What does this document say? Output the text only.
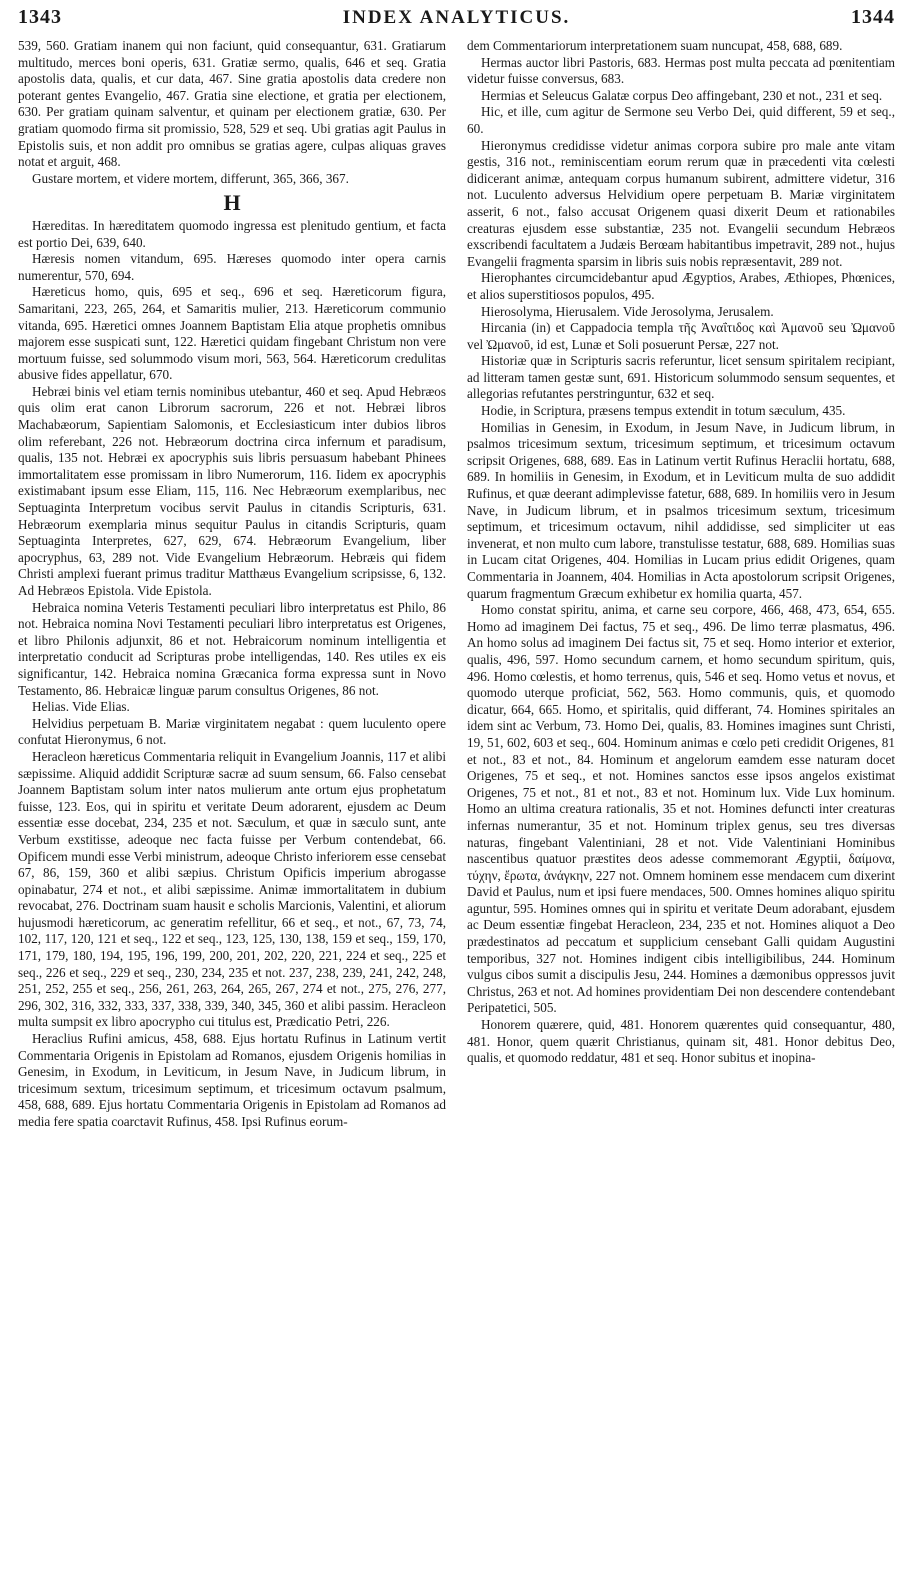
1343	INDEX ANALYTICUS.	1344

539, 560. Gratiam inanem qui non faciunt, quid consequantur, 631. Gratiarum multitudo, merces boni operis, 631. Gratiæ sermo, qualis, 646 et seq. Gratia apostolis data, qualis, et cur data, 467. Sine gratia apostolis data credere non poterant gentes Evangelio, 467. Gratia sine electione, et gratia per electionem, 630. Per gratiam quinam salventur, et quinam per electionem gratiæ, 630. Per gratiam quomodo firma sit promissio, 528, 529 et seq. Ubi gratias agit Paulus in Epistolis suis, et non addit pro omnibus se gratias agere, culpas aliquas graves notat et arguit, 468.

Gustare mortem, et videre mortem, differunt, 365, 366, 367.

H

Hæreditas. In hæreditatem quomodo ingressa est plenitudo gentium, et facta est portio Dei, 639, 640.

Hæresis nomen vitandum, 695. Hæreses quomodo inter opera carnis numerentur, 570, 694.

Hæreticus homo, quis, 695 et seq., 696 et seq. Hæreticorum figura, Samaritani, 223, 265, 264, et Samaritis mulier, 213. Hæreticorum communio vitanda, 695. Hæretici omnes Joannem Baptistam Elia atque prophetis omnibus majorem esse suspicati sunt, 122. Hæretici quidam fingebant Christum non vere mortuum fuisse, sed solummodo visum mori, 563, 564. Hæreticorum credulitas abusive fides appellatur, 670.

Hebræi binis vel etiam ternis nominibus utebantur, 460 et seq. Apud Hebræos quis olim erat canon Librorum sacrorum, 226 et not. Hebræi libros Machabæorum, Sapientiam Salomonis, et Ecclesiasticum inter dubios libros olim referebant, 226 not. Hebræorum doctrina circa infernum et paradisum, qualis, 135 not. Hebræi ex apocryphis suis libris persuasum habebant Phinees immortalitatem esse promissam in libro Numerorum, 116. Iidem ex apocryphis existimabant ipsum esse Eliam, 115, 116. Nec Hebræorum exemplaribus, nec Septuaginta Interpretum vocibus servit Paulus in citandis Scripturis, 631. Hebræorum exemplaria minus sequitur Paulus in citandis Scripturis, quam Septuaginta Interpretes, 627, 629, 674. Hebræorum Evangelium, liber apocryphus, 63, 289 not. Vide Evangelium Hebræorum. Hebræis qui fidem Christi amplexi fuerant primus traditur Matthæus Evangelium scripsisse, 6, 132. Ad Hebræos Epistola. Vide Epistola.

Hebraica nomina Veteris Testamenti peculiari libro interpretatus est Philo, 86 not. Hebraica nomina Novi Testamenti peculiari libro interpretatus est Origenes, et libro Philonis adjunxit, 86 et not. Hebraicorum nominum intelligentia et interpretatio conducit ad Scripturas probe intelligendas, 140. Res utiles ex eis significantur, 142. Hebraica nomina Græcanica forma expressa sunt in Novo Testamento, 86. Hebraicæ linguæ parum consultus Origenes, 86 not.

Helias. Vide Elias.

Helvidius perpetuam B. Mariæ virginitatem negabat : quem luculento opere confutat Hieronymus, 6 not.

Heracleon hæreticus Commentaria reliquit in Evangelium Joannis, 117 et alibi sæpissime. Aliquid addidit Scripturæ sacræ ad suum sensum, 66. Falso censebat Joannem Baptistam solum inter natos mulierum ante ortum ejus prophetatum fuisse, 123. Eos, qui in spiritu et veritate Deum adorarent, ejusdem ac Deum essentiæ esse docebat, 234, 235 et not. Sæculum, et quæ in sæculo sunt, ante Verbum exstitisse, adeoque nec facta fuisse per Verbum contendebat, 66. Opificem mundi esse Verbi ministrum, adeoque Christo inferiorem esse censebat 67, 86, 159, 360 et alibi sæpius. Christum Opificis imperium abrogasse opinabatur, 274 et not., et alibi sæpissime. Animæ immortalitatem in dubium revocabat, 276. Doctrinam suam hausit e scholis Marcionis, Valentini, et aliorum hujusmodi hæreticorum, ac generatim refellitur, 66 et seq., et not., 67, 73, 74, 102, 117, 120, 121 et seq., 122 et seq., 123, 125, 130, 138, 159 et seq., 159, 170, 171, 179, 180, 194, 195, 196, 199, 200, 201, 202, 220, 221, 224 et seq., 225 et seq., 226 et seq., 229 et seq., 230, 234, 235 et not. 237, 238, 239, 241, 242, 248, 251, 252, 255 et seq., 256, 261, 263, 264, 265, 267, 274 et not., 275, 276, 277, 296, 302, 316, 332, 333, 337, 338, 339, 340, 345, 360 et alibi passim. Heracleon multa sumpsit ex libro apocrypho cui titulus est, Prædicatio Petri, 226.

Heraclius Rufini amicus, 458, 688. Ejus hortatu Rufinus in Latinum vertit Commentaria Origenis in Epistolam ad Romanos, ejusdem Origenis homilias in Genesim, in Exodum, in Leviticum, in Jesum Nave, in Judicum librum, in tricesimum sextum, tricesimum septimum, et tricesimum octavum psalmum, 458, 688, 689. Ejus hortatu Commentaria Origenis in Epistolam ad Romanos ad media fere spatia coarctavit Rufinus, 458. Ipsi Rufinus eorum-

dem Commentariorum interpretationem suam nuncupat, 458, 688, 689.

Hermas auctor libri Pastoris, 683. Hermas post multa peccata ad pœnitentiam videtur fuisse conversus, 683.

Hermias et Seleucus Galatæ corpus Deo affingebant, 230 et not., 231 et seq.

Hic, et ille, cum agitur de Sermone seu Verbo Dei, quid different, 59 et seq., 60.

Hieronymus credidisse videtur animas corpora subire pro male ante vitam gestis, 316 not., reminiscentiam eorum rerum quæ in præcedenti vita cœlesti didicerant animæ, antequam corpus humanum subirent, admittere videtur, 316 not. Luculento adversus Helvidium opere perpetuam B. Mariæ virginitatem asserit, 6 not., falso accusat Origenem quasi dixerit Deum et rationabiles creaturas ejusdem esse substantiæ, 235 not. Evangelii secundum Hebræos exscribendi facultatem a Judæis Berœam habitantibus impetravit, 289 not., hujus Evangelii fragmenta sparsim in libris suis nobis repræsentavit, 289 not.

Hierophantes circumcidebantur apud Ægyptios, Arabes, Æthiopes, Phœnices, et alios superstitiosos populos, 495.

Hierosolyma, Hierusalem. Vide Jerosolyma, Jerusalem.

Hircania (in) et Cappadocia templa τῆς Ἀναΐτιδος καὶ Ἀμανοῦ seu Ὠμανοῦ vel Ὠμανοῦ, id est, Lunæ et Soli posuerunt Persæ, 227 not.

Historiæ quæ in Scripturis sacris referuntur, licet sensum spiritalem recipiant, ad litteram tamen gestæ sunt, 691. Historicum solummodo sensum sequentes, et allegorias refutantes perstringuntur, 632 et seq.

Hodie, in Scriptura, præsens tempus extendit in totum sæculum, 435.

Homilias in Genesim, in Exodum, in Jesum Nave, in Judicum librum, in psalmos tricesimum sextum, tricesimum septimum, et tricesimum octavum scripsit Origenes, 688, 689. Eas in Latinum vertit Rufinus Heraclii hortatu, 688, 689. In homiliis in Genesim, in Exodum, et in Leviticum multa de suo addidit Rufinus, et quæ deerant adimplevisse fatetur, 688, 689. In homiliis vero in Jesum Nave, in Judicum librum, et in psalmos tricesimum sextum, tricesimum septimum, et tricesimum octavum, nihil addidisse, sed simpliciter ut eas invenerat, et non multo cum labore, transtulisse testatur, 688, 689. Homilias suas in Lucam citat Origenes, 404. Homilias in Lucam prius edidit Origenes, quam Commentaria in Joannem, 404. Homilias in Acta apostolorum scripsit Origenes, quarum fragmentum Græcum exhibetur ex homilia quarta, 457.

Homo constat spiritu, anima, et carne seu corpore, 466, 468, 473, 654, 655. Homo ad imaginem Dei factus, 75 et seq., 496. De limo terræ plasmatus, 496. An homo solus ad imaginem Dei factus sit, 75 et seq. Homo interior et exterior, qualis, 496, 597. Homo secundum carnem, et homo secundum spiritum, quis, 496. Homo cœlestis, et homo terrenus, quis, 546 et seq. Homo vetus et novus, et quomodo uterque proficiat, 562, 563. Homo communis, quis, et quomodo dicatur, 664, 665. Homo, et spiritalis, quid differant, 74. Homines spiritales an idem sint ac Verbum, 73. Homo Dei, qualis, 83. Homines imagines sunt Christi, 19, 51, 602, 603 et seq., 604. Hominum animas e cœlo peti credidit Origenes, 81 et not., 83 et not., 84. Hominum et angelorum eamdem esse naturam docet Origenes, 75 et seq., et not. Homines sanctos esse ipsos angelos existimat Origenes, 75 et not., 81 et not., 83 et not. Hominum lux. Vide Lux hominum. Homo an ultima creatura rationalis, 35 et not. Homines defuncti inter creaturas infernas numerantur, 35 et not. Hominum triplex genus, seu tres diversas naturas, fingebant Valentiniani, 28 et not. Vide Valentiniani Hominibus nascentibus quatuor præstites deos adesse commemorant Ægyptii, δαίμονα, τύχην, ἔρωτα, ἀνάγκην, 227 not. Omnem hominem esse mendacem cum dixerint David et Paulus, num et ipsi fuere mendaces, 500. Omnes homines aliquo spiritu aguntur, 595. Homines omnes qui in spiritu et veritate Deum adorabant, ejusdem ac Deum essentiæ fingebat Heracleon, 234, 235 et not. Homines aliquot a Deo prædestinatos ad peccatum et supplicium censebant Galli quidam Augustini temporibus, 327 not. Homines indigent cibis intelligibilibus, 244. Hominum vulgus cibos sumit a discipulis Jesu, 244. Homines a dæmonibus oppressos juvit Christus, 263 et not. Ad homines providentiam Dei non descendere contendebant Peripatetici, 505.

Honorem quærere, quid, 481. Honorem quærentes quid consequantur, 480, 481. Honor, quem quærit Christianus, quinam sit, 481. Honor debitus Deo, qualis, et quomodo reddatur, 481 et seq. Honor subitus et inopina-
